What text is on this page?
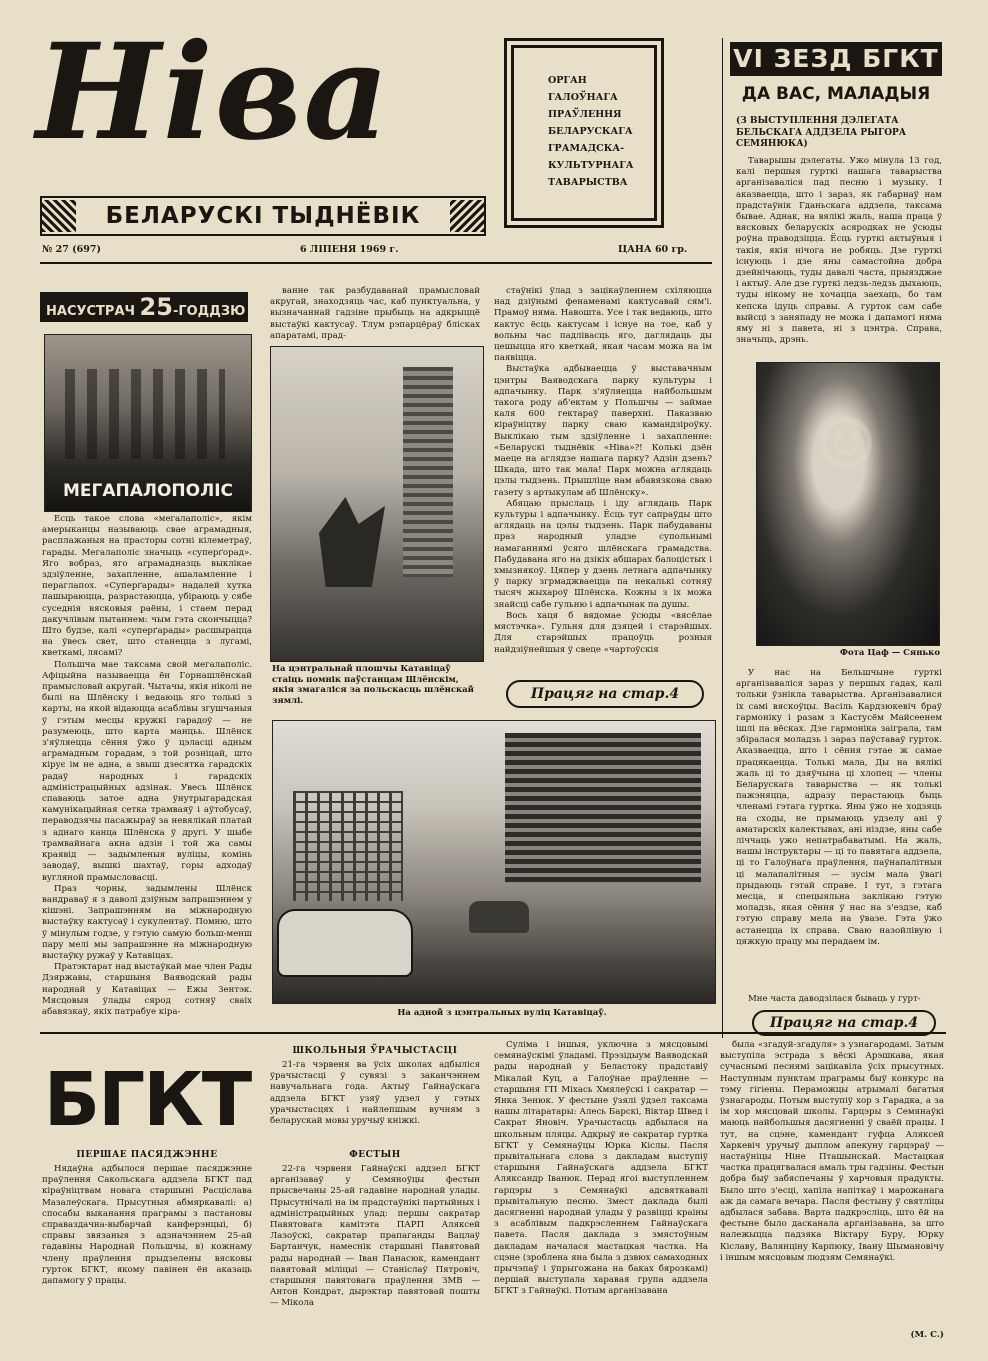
Ніва
БЕЛАРУСКІ ТЫДНЁВІК
ОРГАН
ГАЛОЎНАГА
ПРАЎЛЕННЯ
БЕЛАРУСКАГА
ГРАМАДСКА-
КУЛЬТУРНАГА
ТАВАРЫСТВА
№ 27 (697)	6 ЛІПЕНЯ 1969 г.	ЦАНА 60 гр.
VI ЗЕЗД БГКТ
ДА ВАС, МАЛАДЫЯ
(З ВЫСТУПЛЕННЯ ДЭЛЕГАТА БЕЛЬСКАГА АДДЗЕЛА РЫГОРА СЕМЯНЮКА)

Таварышы дэлегаты. Ужо мінула 13 год, калі першыя гурткі нашага таварыства арганізаваліся пад песню і музыку. І аказваецца, што і зараз, як габарнаў нам прадстаўнік Гданьскага аддзела, таксама бывае. Аднак, на вялікі жаль, наша праца ў вясковых беларускіх асяродках не ўсюды роўна праводзіцца. Ёсць гурткі актыўныя і такія, якія нічога не робяць. Дзе гурткі існуюць і дзе яны самастойна добра дзейнічаюць, туды давалі часта, прыязджае і актыў. Але дзе гурткі ледзь-ледзь дыхаюць, туды нікому не хочацца заехаць, бо там кепска ідуць справы. А гурток сам сабе выйсці з заняпаду не можа і дапамогі няма яму ні з павета, ні з цэнтра. Справа, значыць, дрэнь.

☺
Фота Цаф — Сянько

У нас на Бельшчыне гурткі арганізаваліся зараз у першых гадах, калі тольки ўзнікла таварыства. Арганізавалися іх самі вяскоўцы. Васіль Кардзюкевіч браў гармоніку і разам з Кастусём Майсеенем ішлі па вёсках. Дзе гармоніка заіграла, там збіралася моладзь і зараз паўставаў гурток. Аказваецца, што і сёння гэтае ж самае працякаецца. Толькі мала, Ды на вялікі жаль ці то дзяўчына ці хлопец — члены Беларускага таварыства — як толькі пажэняцца, адразу перастаюць быць членамі гэтага гуртка. Яны ўжо не ходзяць на сходы, не прымаюць удзелу ані ў аматарскіх калектывах, ані ніздзе, яны сабе ліччаць ужо непатрабаватымі. На жаль, нашы інструктары — ці то павятага аддзела, ці то Галоўнага праўлення, паўнапалітныя ці малапалітныя — зусім мала ўвагі прыдаюць гэтай справе. І тут, з гэтага месца, я спецыяльна заклікаю гэтую моладзь, якая сёння ў нас на з'ездзе, каб гэтую справу мела на ўвазе. Гэта ўжо астанецца іх справа. Сваю назойлівую і цяжкую працу мы перадаем ім.

Мне часта даводзілася бываць у гурт-

Працяг на стар.4
НАСУСТРАЧ 25-ГОДДЗЮ
МЕГАПАЛОПОЛІС

Есць такое слова «мегалаполіс», якім амерыканцы называюць свае аграмадныя, расплажаныя на прасторы сотні кілеметраў, гарады. Мегалаполіс значыць «суперґорад». Яго вобраз, яго аграмадназць выклікае здзіўленне, захапленне, ашаламленне і пераглапох. «Суперґарады» надалей хутка пашыраюцца, разрастаюцца, убіраюць у сябе суседнія вясковыя раёны, і стаем перад дакучлівым пытаннем: чым гэта скончыцца? Што будзе, калі «суперґарады» расшырацца на ўвесь свет, што станецца з лугамі, кветкамі, лясамі?

Польшча мае таксама свой мегалаполіс. Афіцыйна называецца ён Горнашлёнскай прамысловай акругай. Чытачы, якія ніколі не былі на Шлёнску і ведаюць яго толькі з карты, на якой відаюцца асаблівы згушчаныя ў гэтым месцы кружкі гарадоў — не разумеюць, што карта манцьь. Шлёнск з'яўляецца сёння ўжо ў цэласці адным аграмадным горадам, з той розніцай, што кірує ім не адна, а звыш дзесятка гарадскіх радаў народных і гарадскіх адміністрацыйных адзінак. Увесь Шлёнск спаваюць затое адна ўнутрыгарадская камунікацыйная сетка трамваяў і аўтобусаў, пераводзячы пасажыраў за невялікай платай з аднаго канца Шлёнска ў другі. У шыбе трамвайнага акна адзін і той жа самы краявід — задымленыя вуліцы, комінь заводаў, вышкі шахтаў, горы адходаў вугляной прамысловасці.

Праз чорны, задымлены Шлёнск вандраваў я з даволі дзіўным запрашэннем у кішэні. Запрашэнням на міжнародную выстаўку кактусаў і сукулентаў. Помню, што ў мінулым годзе, у гэтую самую больш-менш пару мелі мы запрашэнне на міжнародную выстаўку ружаў у Катавіцах.

Пратэктарат над выстаўкай мае член Рады Дзяржавы, старшыня Ваяводскай рады народнай у Катавіцах — Ежы Зентэк. Мясцовыя ўлады сярод сотняў сваіх абавязкаў, якіх патрабуе кіра-

ванне так разбудаванай прамысловай акругай, знаходзяць час, каб пунктуальна, у вызначаннай гадзіне прыбыць на адкрыццё выстаўкі кактусаў. Тлум рэпарцёраў блісках апаратамі, прад-

На цэнтральнай плошчы Катавіцаў стаіць помнік паўстанцам Шлёнскім, якія змагаліся за польскасць шлёнскай зямлі.

стаўнікі ўлад з зацікаўленнем схіляюцца над дзіўнымі фенаменамі кактусавай сям'і. Прамоў няма. Навошта. Усе і так ведаюць, што кактус ёсць кактусам і існуе на тое, каб у вольны час падлівасць яго, даглядаць ды цешыцца яго кветкай, якая часам можа на ім паявіцца.

Выстаўка адбываецца ў выставачным цэнтры Ваяводскага парку культуры і адпачынку. Парк з'яўляецца найбольшым такога роду аб'ектам у Польшчы — займае каля 600 гектараў паверхні. Паказваю кіраўніцтву парку сваю камандзіроўку. Выклікаю тым здзіўленне і захапленне: «Беларускі тыднёвік «Ніва»?! Колькі дзён маеце на аглядзе нашага парку? Адзін дзень? Шкада, што так мала! Парк можна аглядаць цэлы тыдзень. Прышліце нам абавязкова сваю газету з артыкулам аб Шлёнску».

Абяцаю прыслаць і іду аглядаць Парк культуры і адпачынку. Ёсць тут сапраўды што аглядаць на цэлы тыдзень. Парк пабудаваны праз народный уладзе супольнымі намаганнямі ўсяго шлёнскага грамадства. Пабудавана яго на дзікіх абшарах балоцістых і хмызнякоў. Цяпер у дзень летнага адпачынку ў парку згрмаджваецца па некалькі сотняў тысяч жыхароў Шлёнска. Кожны з іх можа знайсці сабе гульню і адпачынак па душы.

Вось хаця б вядомае ўсюды «вясёлае мястэчка». Гульня для дзяцей і старэйшых. Для старэйшых працоўць розныя найдзіўнейшыя ў свеце «чартоўскія

Працяг на стар.4
На адной з цэнтральных вуліц Катавіцаў.
БГКТ
ПЕРШАЕ ПАСЯДЖЭННЕ

Нядаўна адбылося першае пасяджэнне праўлення Сакольскага аддзела БГКТ пад кіраўніцтвам новага старшыні Расціслава Мазалеўскага. Прысутныя абмяркавалі: а) спосабы выканання праграмы з пастановы справаздачна-выбарчай канферэнцыі, б) справы звязаныя з адзначэннем 25-ай гадавіны Народнай Польшчы, в) кожнаму члену праўлення прыдзелены вясковы гурток БГКТ, якому павінен ён аказаць дапамогу ў працы.

ШКОЛЬНЫЯ ЎРАЧЫСТАСЦІ

21-га чэрвеня ва ўсіх школах адбыліся ўрачыстасці ў сувязі з заканчэннем навучальнага года. Актыў Гайнаўскага аддзела БГКТ узяў удзел у гэтых урачыстасцях і найлепшым вучням з беларускай мовы уручыў кніжкі.

ФЕСТЫН

22-га чэрвеня Гайнаўскі аддзел БГКТ арганізаваў у Семяноўцы фестын прысвечаны 25-ай гадавіне народнай улады. Прысутнічалі на ім прадстаўнікі партыйных і адміністрацыйных улад: першы сакратар Павятовага камітэта ПАРП Аляксей Лазоўскі, сакратар прапаганды Вацлаў Бартанчук, намеснік старшыні Павятовай рады народнай — Іван Панасюк, камендант павятовай міліцыі — Станіслаў Пятровіч, старшыня павятовага праўлення ЗМВ — Антон Кондрат, дырэктар павятовай пошты — Мікола

Суліма і іншыя, уключна з мясцовымі семянаўскімі ўладамі. Прэзідыум Ваяводскай рады народнай у Беластоку прадставіў Мікалай Куц, а Галоўнае праўленне — старшыня ГП Міхась Хмялеўскі і сакратар — Янка Зенюк. У фестыне ўзялі ўдзел таксама нашы літаратары: Алесь Барскі, Віктар Швед і Сакрат Яновіч. Урачыстасць адбылася на школьным пляцы. Адкрыў яе сакратар гуртка БГКТ у Семянаўцы Юрка Кіслы. Пасля прывітальнага слова з дакладам выступіў старшыня Гайнаўскага аддзела БГКТ Аляксандр Іванюк. Перад ягоі выступленнем гарцэры з Семянаўкі адсвяткавалі прывітальную песню. Змест даклада былі дасягненні народнай улады ў развіцці краіны з асаблівым падкрэсленнем Гайнаўскага павета. Пасля даклада з змястоўным дакладам началася мастацкая частка. На сцэне (зроблена яна была з дзвюх самаходных прычэпаў і ўпрыгожана на баках бярозкамі) першай выступала харавая група аддзела БГКТ з Гайнаўкі. Потым арганізавана

была «згадуй-згадуля» з узнагародамі. Затым выступіла эстрада з вёскі Арэшкава, якая сучаснымі песнямі зацікавіла ўсіх прысутных. Наступным пунктам праграмы быў конкурс на тэму гігіены. Пераможцы атрымалі багатыя ўзнагароды. Потым выступіў хор з Гарадка, а за ім хор мясцовай школы. Гарцэры з Семянаўкі маюць найбольшыя дасягненні ў сваёй працы. І тут, на сцэне, камендант гуфца Аляксей Харкевіч уручыў дыплом апекуну гарцэраў — настаўніцы Ніне Пташынскай. Мастацкая частка працягвалася амаль тры гадзіны. Фестын добра быў забяспечаны ў харчовыя прадукты. Было што з'есці, хапіла напіткаў і марожанага аж да самага вечара. Пасля фестыну ў святліцы адбылася забава. Варта падкрэсліць, што ёй на фестыне было дасканала арганізавана, за што належыцца падзяка Віктару Буру, Юрку Кіславу, Валянціну Карпюку, Івану Шымановічу і іншым мясцовым людзям Семянаўкі.

(М. С.)
